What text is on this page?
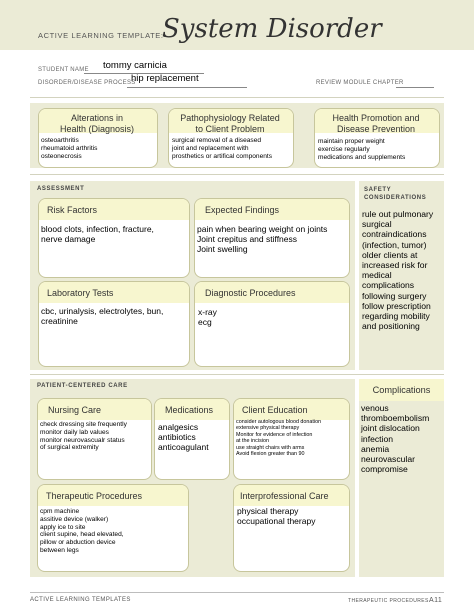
ACTIVE LEARNING TEMPLATE:
System Disorder
STUDENT NAME tommy carnicia
DISORDER/DISEASE PROCESS
hip replacement	REVIEW MODULE CHAPTER
Alterations in
Health (Diagnosis)
osteoarthritis
rheumatoid arthritis
osteonecrosis
Pathophysiology Related
to Client Problem
surgical removal of a diseased
joint and replacement with
prosthetics or artifical components
Health Promotion and
Disease Prevention
maintain proper weight
exercise regularly
medications and supplements
ASSESSMENT
Risk Factors
blood clots, infection, fracture,
nerve damage
Expected Findings
pain when bearing weight on joints
Joint crepitus and stiffness
Joint swelling
Laboratory Tests
cbc, urinalysis, electrolytes, bun,
creatinine
Diagnostic Procedures
x-ray
ecg
SAFETY
CONSIDERATIONS
rule out pulmonary
surgical
contraindications
(infection, tumor)
older clients at
increased risk for
medical
complications
following surgery
follow prescription
regarding mobility
and positioning
PATIENT-CENTERED CARE
Nursing Care
check dressing site frequently
monitor daily lab values
monitor neurovascualr status
of surgical extremity
Medications
analgesics
antibiotics
anticoagulant
Client Education
consider autologous blood donation
extensive physical therapy
Monitor for evidence of infection
at the incision
use straight chairs with arms
Avoid flexion greater than 90
Therapeutic Procedures
cpm machine
assitive device (walker)
apply ice to site
client supine, head elevated,
pillow or abduction device
between legs
Interprofessional Care
physical therapy
occupational therapy
Complications
venous
thromboembolism
joint dislocation
infection
anemia
neurovascular
compromise
ACTIVE LEARNING TEMPLATES	THERAPEUTIC PROCEDURES A11
